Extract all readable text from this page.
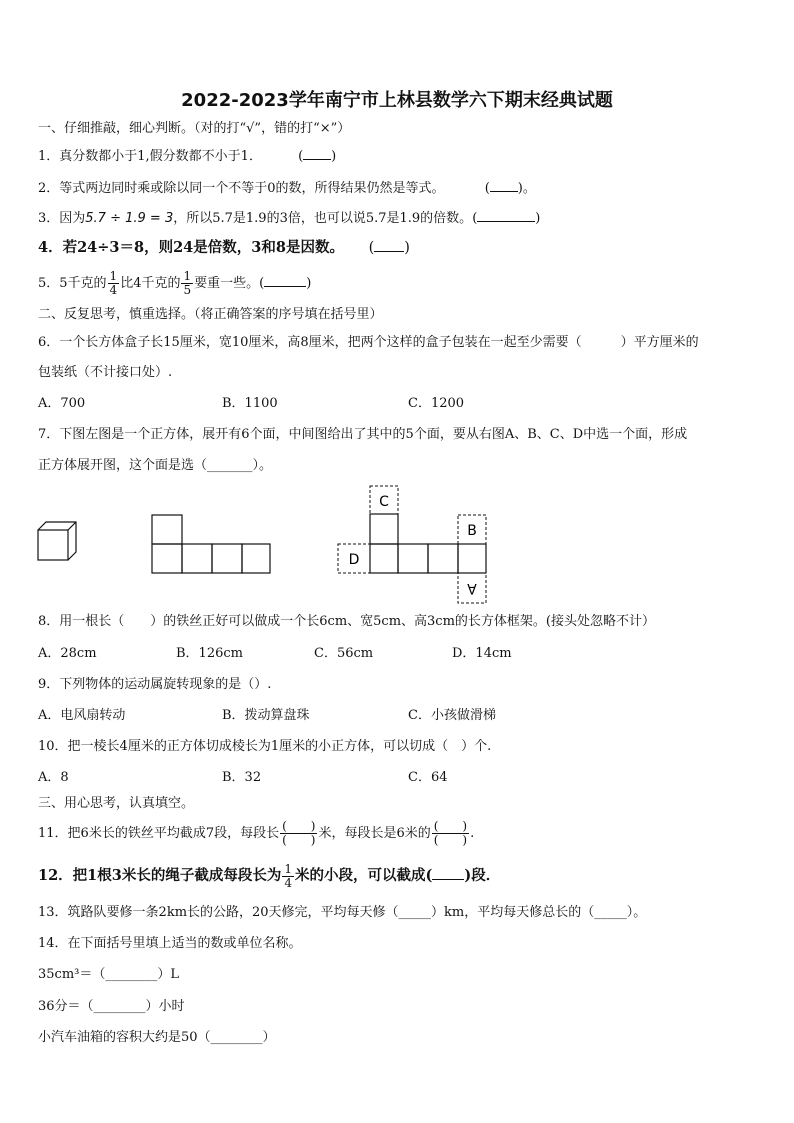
2022-2023学年南宁市上林县数学六下期末经典试题
一、仔细推敲，细心判断。（对的打“√”，错的打“×”）
1．真分数都小于1,假分数都不小于1．	( )
2．等式两边同时乘或除以同一个不等于0的数，所得结果仍然是等式。	( )。
3．因为5.7 ÷ 1.9 = 3，所以5.7是1.9的3倍，也可以说5.7是1.9的倍数。(	)
4．若24÷3＝8，则24是倍数，3和8是因数。 ( )
5．5千克的 $\frac{1}{4}$ 比4千克的 $\frac{1}{5}$ 要重一些。(	)
二、反复思考，慎重选择。（将正确答案的序号填在括号里）
6．一个长方体盒子长15厘米，宽10厘米，高8厘米，把两个这样的盒子包装在一起至少需要（　　　）平方厘米的
包装纸（不计接口处）.
A．700	B．1100	C．1200
7．下图左图是一个正方体，展开有6个面，中间图给出了其中的5个面，要从右图A、B、C、D中选一个面，形成
正方体展开图，这个面是选（_______）。
C
D
B
A
8．用一根长（　　）的铁丝正好可以做成一个长6cm、宽5cm、高3cm的长方体框架。(接头处忽略不计）
A．28cm	B．126cm	C．56cm	D．14cm
9．下列物体的运动属旋转现象的是（）.
A．电风扇转动	B．拨动算盘珠	C．小孩做滑梯
10．把一棱长4厘米的正方体切成棱长为1厘米的小正方体，可以切成（　）个.
A．8	B．32	C．64
三、用心思考，认真填空。
11．把6米长的铁丝平均截成7段，每段长 $\frac{( )}{( )}$ 米，每段长是6米的 $\frac{( )}{( )}$ .
12．把1根3米长的绳子截成每段长为 $\frac{1}{4}$ 米的小段，可以截成( )段．
13．筑路队要修一条2km长的公路，20天修完，平均每天修（_____）km，平均每天修总长的（_____）。
14．在下面括号里填上适当的数或单位名称。
35cm³＝（________）L
36分＝（________）小时
小汽车油箱的容积大约是50（________）
